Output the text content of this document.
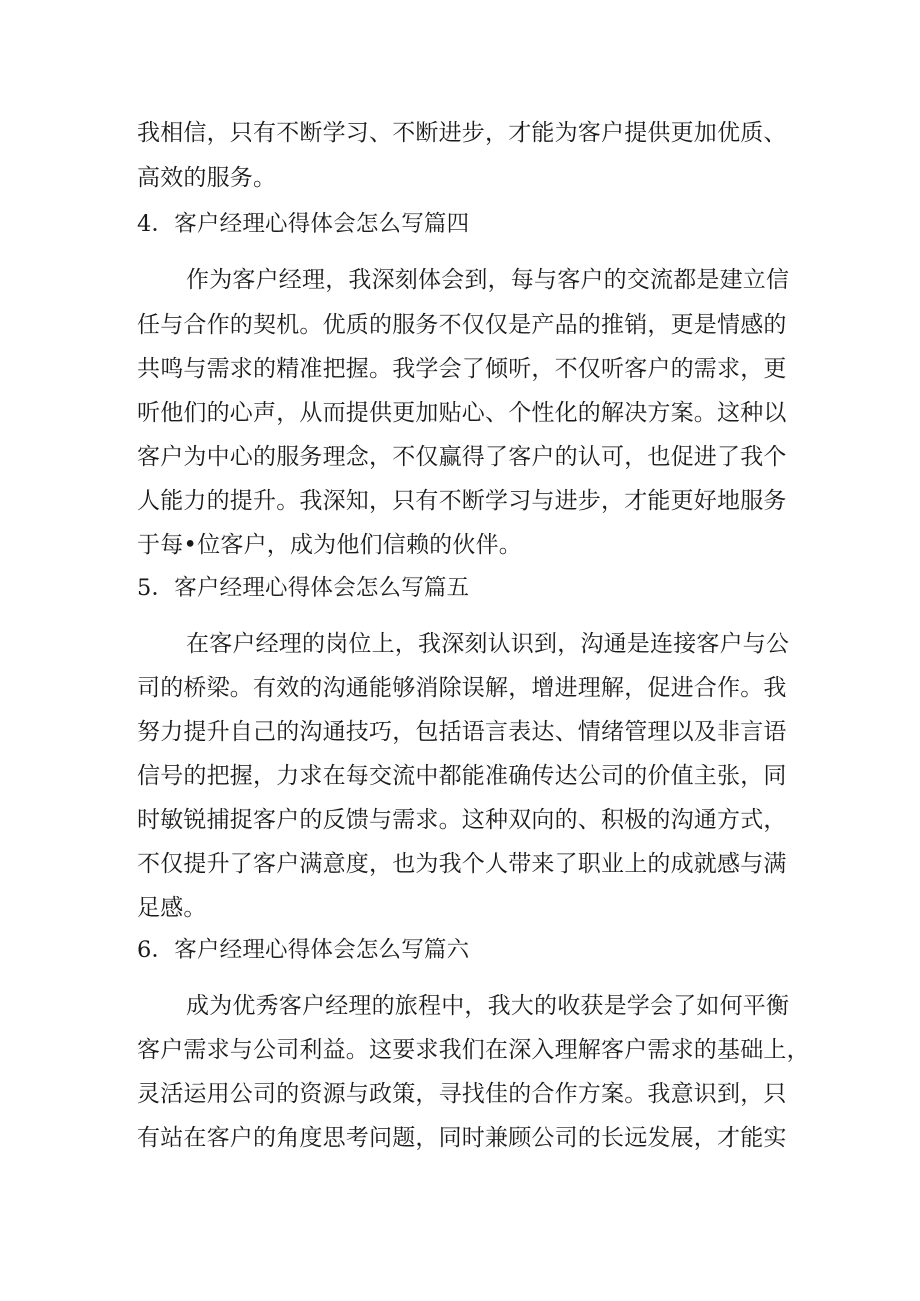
我相信，只有不断学习、不断进步，才能为客户提供更加优质、
高效的服务。
4．客户经理心得体会怎么写篇四
作为客户经理，我深刻体会到，每与客户的交流都是建立信
任与合作的契机。优质的服务不仅仅是产品的推销，更是情感的
共鸣与需求的精准把握。我学会了倾听，不仅听客户的需求，更
听他们的心声，从而提供更加贴心、个性化的解决方案。这种以
客户为中心的服务理念，不仅赢得了客户的认可，也促进了我个
人能力的提升。我深知，只有不断学习与进步，才能更好地服务
于每•位客户，成为他们信赖的伙伴。
5．客户经理心得体会怎么写篇五
在客户经理的岗位上，我深刻认识到，沟通是连接客户与公
司的桥梁。有效的沟通能够消除误解，增进理解，促进合作。我
努力提升自己的沟通技巧，包括语言表达、情绪管理以及非言语
信号的把握，力求在每交流中都能准确传达公司的价值主张，同
时敏锐捕捉客户的反馈与需求。这种双向的、积极的沟通方式，
不仅提升了客户满意度，也为我个人带来了职业上的成就感与满
足感。
6．客户经理心得体会怎么写篇六
成为优秀客户经理的旅程中，我大的收获是学会了如何平衡
客户需求与公司利益。这要求我们在深入理解客户需求的基础上，
灵活运用公司的资源与政策，寻找佳的合作方案。我意识到，只
有站在客户的角度思考问题，同时兼顾公司的长远发展，才能实
